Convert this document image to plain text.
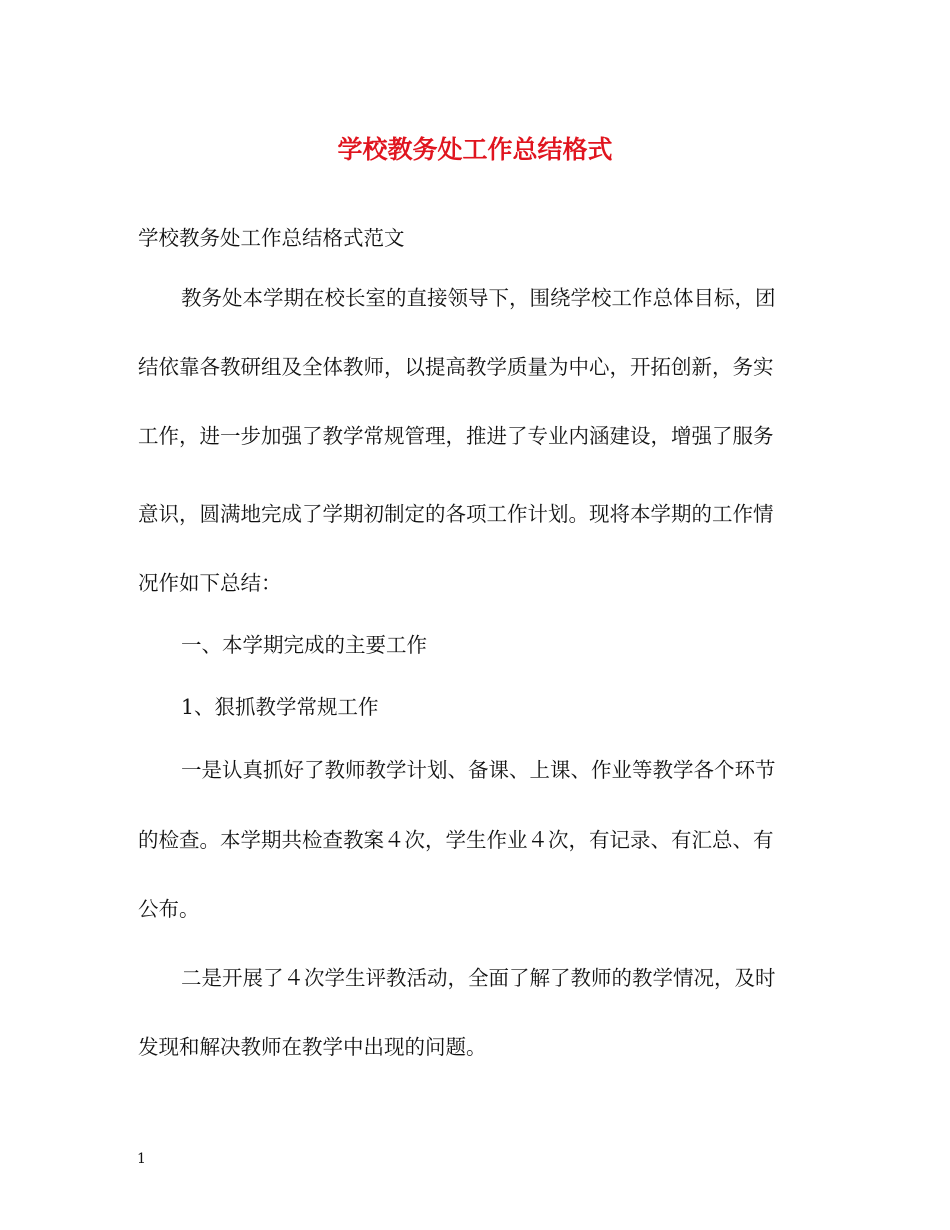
学校教务处工作总结格式
学校教务处工作总结格式范文
教务处本学期在校长室的直接领导下，围绕学校工作总体目标，团
结依靠各教研组及全体教师，以提高教学质量为中心，开拓创新，务实
工作，进一步加强了教学常规管理，推进了专业内涵建设，增强了服务
意识，圆满地完成了学期初制定的各项工作计划。现将本学期的工作情
况作如下总结：
一、本学期完成的主要工作
1、狠抓教学常规工作
一是认真抓好了教师教学计划、备课、上课、作业等教学各个环节
的检查。本学期共检查教案４次，学生作业４次，有记录、有汇总、有
公布。
二是开展了４次学生评教活动，全面了解了教师的教学情况，及时
发现和解决教师在教学中出现的问题。
1
